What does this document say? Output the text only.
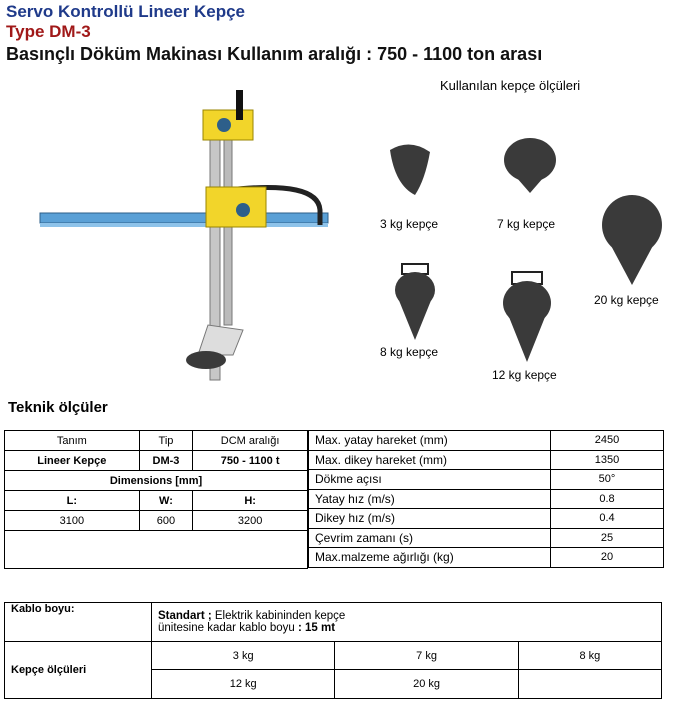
Servo Kontrollü Lineer Kepçe
Type DM-3
Basınçlı Döküm Makinası Kullanım aralığı : 750 - 1100 ton arası
Kullanılan kepçe ölçüleri
3 kg kepçe	7 kg kepçe
20 kg kepçe
8 kg kepçe
12 kg kepçe
Teknik ölçüler
Tanım	Tip	DCM aralığı
Lineer Kepçe	DM-3	750 - 1100 t
Dimensions [mm]		
L:	W:	H:
3100	600	3200

Max. yatay hareket (mm)	2450
Max. dikey hareket (mm)	1350
Dökme açısı	50°
Yatay hız (m/s)	0.8
Dikey hız (m/s)	0.4
Çevrim zamanı (s)	25
Max.malzeme ağırlığı (kg)	20
Kablo boyu:	Standart ; Elektrik kabininden kepçe
ünitesine kadar kablo boyu : 15 mt		
Kepçe ölçüleri	3 kg	7 kg	8 kg
	12 kg	20 kg	
